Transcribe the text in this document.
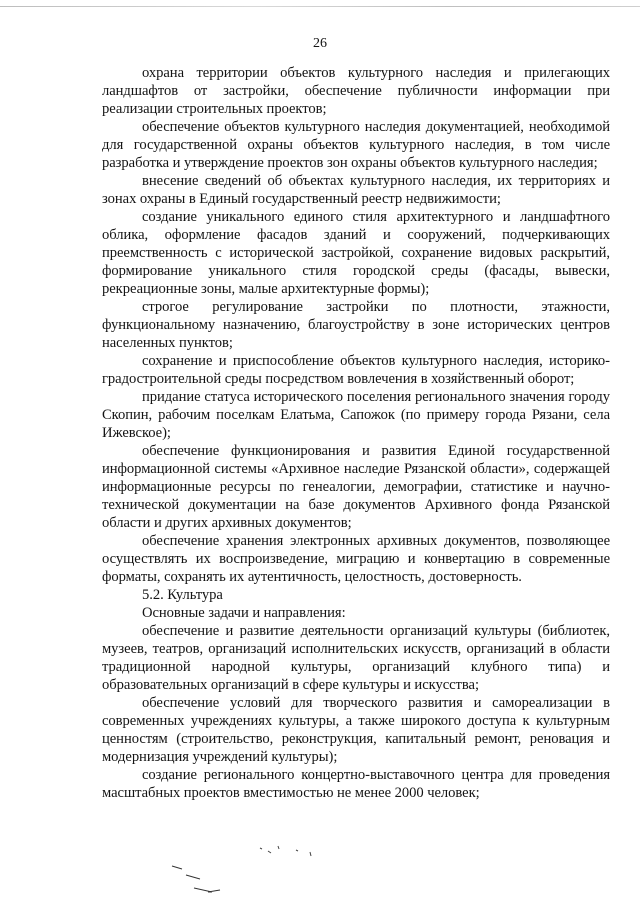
26

охрана территории объектов культурного наследия и прилегающих ландшафтов от застройки, обеспечение публичности информации при реализации строительных проектов;

обеспечение объектов культурного наследия документацией, необходимой для государственной охраны объектов культурного наследия, в том числе разработка и утверждение проектов зон охраны объектов культурного наследия;

внесение сведений об объектах культурного наследия, их территориях и зонах охраны в Единый государственный реестр недвижимости;

создание уникального единого стиля архитектурного и ландшафтного облика, оформление фасадов зданий и сооружений, подчеркивающих преемственность с исторической застройкой, сохранение видовых раскрытий, формирование уникального стиля городской среды (фасады, вывески, рекреационные зоны, малые архитектурные формы);

строгое регулирование застройки по плотности, этажности, функциональному назначению, благоустройству в зоне исторических центров населенных пунктов;

сохранение и приспособление объектов культурного наследия, историко-градостроительной среды посредством вовлечения в хозяйственный оборот;

придание статуса исторического поселения регионального значения городу Скопин, рабочим поселкам Елатьма, Сапожок (по примеру города Рязани, села Ижевское);

обеспечение функционирования и развития Единой государственной информационной системы «Архивное наследие Рязанской области», содержащей информационные ресурсы по генеалогии, демографии, статистике и научно-технической документации на базе документов Архивного фонда Рязанской области и других архивных документов;

обеспечение хранения электронных архивных документов, позволяющее осуществлять их воспроизведение, миграцию и конвертацию в современные форматы, сохранять их аутентичность, целостность, достоверность.

5.2. Культура

Основные задачи и направления:

обеспечение и развитие деятельности организаций культуры (библиотек, музеев, театров, организаций исполнительских искусств, организаций в области традиционной народной культуры, организаций клубного типа) и образовательных организаций в сфере культуры и искусства;

обеспечение условий для творческого развития и самореализации в современных учреждениях культуры, а также широкого доступа к культурным ценностям (строительство, реконструкция, капитальный ремонт, реновация и модернизация учреждений культуры);

создание регионального концертно-выставочного центра для проведения масштабных проектов вместимостью не менее 2000 человек;
